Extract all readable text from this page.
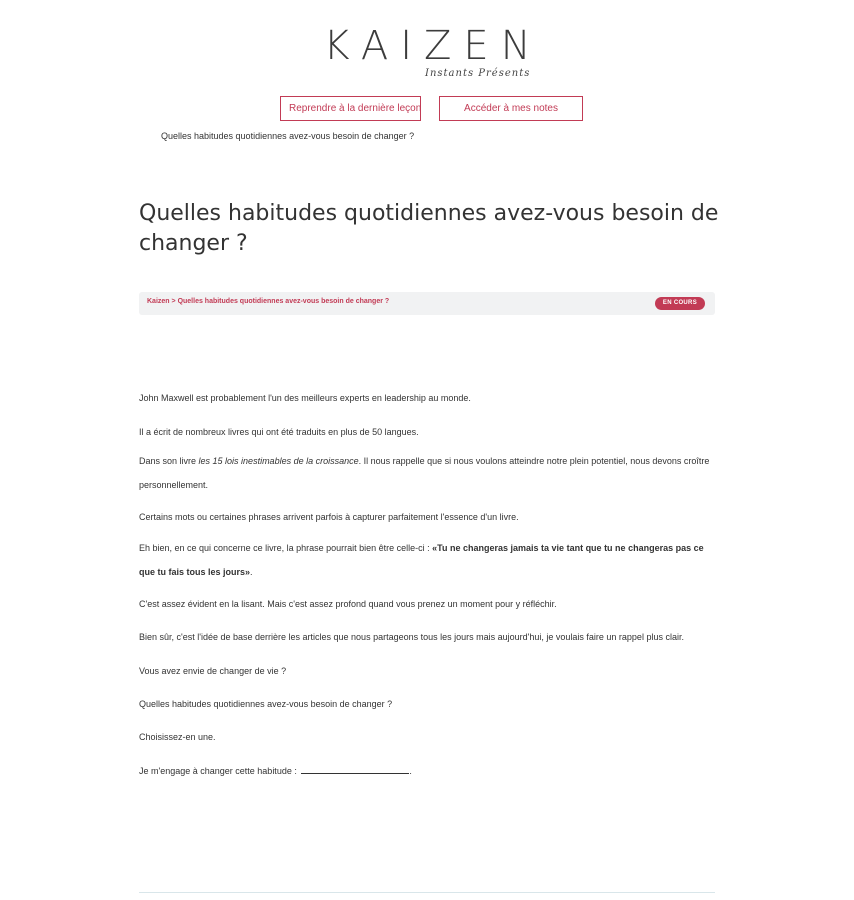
KAIZEN
Instants Présents
Reprendre à la dernière leçon	Accéder à mes notes
Quelles habitudes quotidiennes avez-vous besoin de changer ?
Quelles habitudes quotidiennes avez-vous besoin de changer ?
Kaizen > Quelles habitudes quotidiennes avez-vous besoin de changer ?	EN COURS

John Maxwell est probablement l'un des meilleurs experts en leadership au monde.

Il a écrit de nombreux livres qui ont été traduits en plus de 50 langues.

Dans son livre les 15 lois inestimables de la croissance. Il nous rappelle que si nous voulons atteindre notre plein potentiel, nous devons croître personnellement.

Certains mots ou certaines phrases arrivent parfois à capturer parfaitement l'essence d'un livre.

Eh bien, en ce qui concerne ce livre, la phrase pourrait bien être celle-ci : «Tu ne changeras jamais ta vie tant que tu ne changeras pas ce que tu fais tous les jours».

C'est assez évident en la lisant. Mais c'est assez profond quand vous prenez un moment pour y réfléchir.

Bien sûr, c'est l'idée de base derrière les articles que nous partageons tous les jours mais aujourd'hui, je voulais faire un rappel plus clair.

Vous avez envie de changer de vie ?

Quelles habitudes quotidiennes avez-vous besoin de changer ?

Choisissez-en une.

Je m'engage à changer cette habitude :	.
